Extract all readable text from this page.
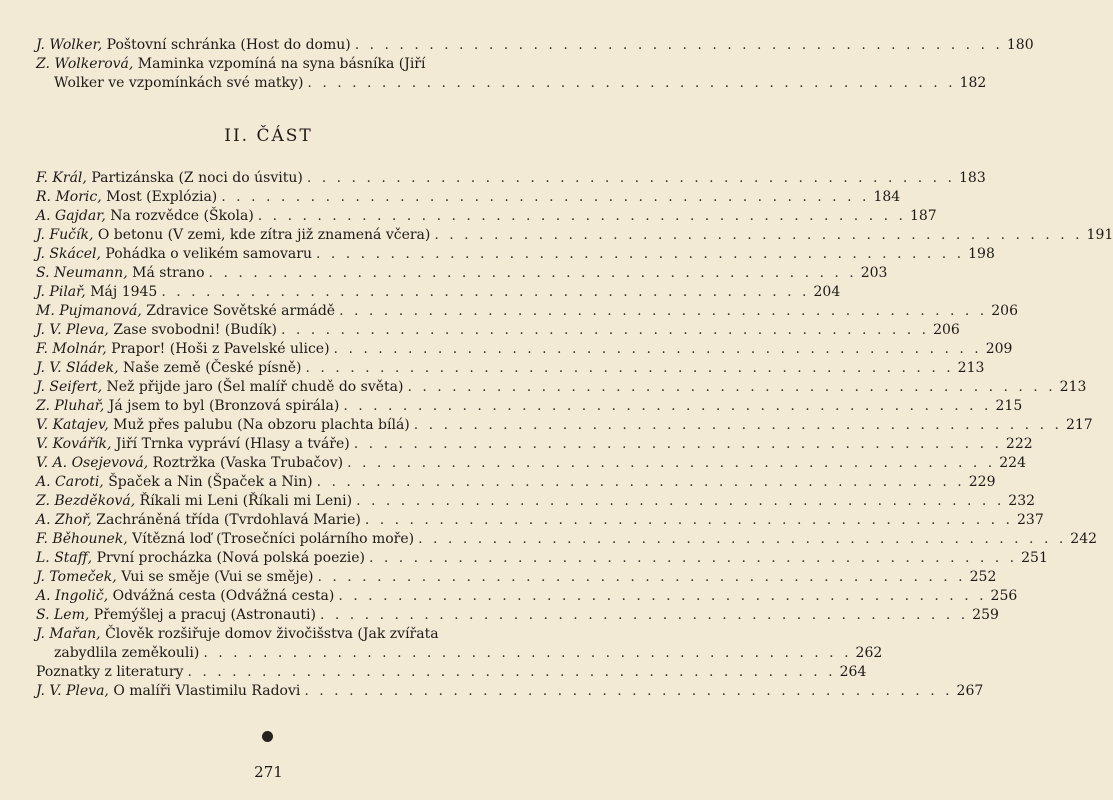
J. Wolker, Poštovní schránka (Host do domu) . . .	180
Z. Wolkerová, Maminka vzpomíná na syna básníka (Jiří
Wolker ve vzpomínkách své matky) . . .	182
II. ČÁST
F. Král, Partizánska (Z noci do úsvitu) . . .	183
R. Moric, Most (Explózia) . . .	184
A. Gajdar, Na rozvědce (Škola) . . .	187
J. Fučík, O betonu (V zemi, kde zítra již znamená včera) . . .	191
J. Skácel, Pohádka o velikém samovaru . . .	198
S. Neumann, Má strano . . .	203
J. Pilař, Máj 1945 . . .	204
M. Pujmanová, Zdravice Sovětské armádě . . .	206
J. V. Pleva, Zase svobodni! (Budík) . . .	206
F. Molnár, Prapor! (Hoši z Pavelské ulice) . . .	209
J. V. Sládek, Naše země (České písně) . . .	213
J. Seifert, Než přijde jaro (Šel malíř chudě do světa) . . .	213
Z. Pluhař, Já jsem to byl (Bronzová spirála) . . .	215
V. Katajev, Muž přes palubu (Na obzoru plachta bílá) . . .	217
V. Kovářík, Jiří Trnka vypráví (Hlasy a tváře) . . .	222
V. A. Osejevová, Roztržka (Vaska Trubačov) . . .	224
A. Caroti, Špaček a Nin (Špaček a Nin) . . .	229
Z. Bezděková, Říkali mi Leni (Říkali mi Leni) . . .	232
A. Zhoř, Zachráněná třída (Tvrdohlavá Marie) . . .	237
F. Běhounek, Vítězná loď (Trosečníci polárního moře) . . .	242
L. Staff, První procházka (Nová polská poezie) . . .	251
J. Tomeček, Vui se směje (Vui se směje) . . .	252
A. Ingolič, Odvážná cesta (Odvážná cesta) . . .	256
S. Lem, Přemýšlej a pracuj (Astronauti) . . .	259
J. Mařan, Člověk rozšiřuje domov živočišstva (Jak zvířata
zabydlila zeměkouli) . . .	262
Poznatky z literatury . . .	264
J. V. Pleva, O malíři Vlastimilu Radovi . . .	267
271
